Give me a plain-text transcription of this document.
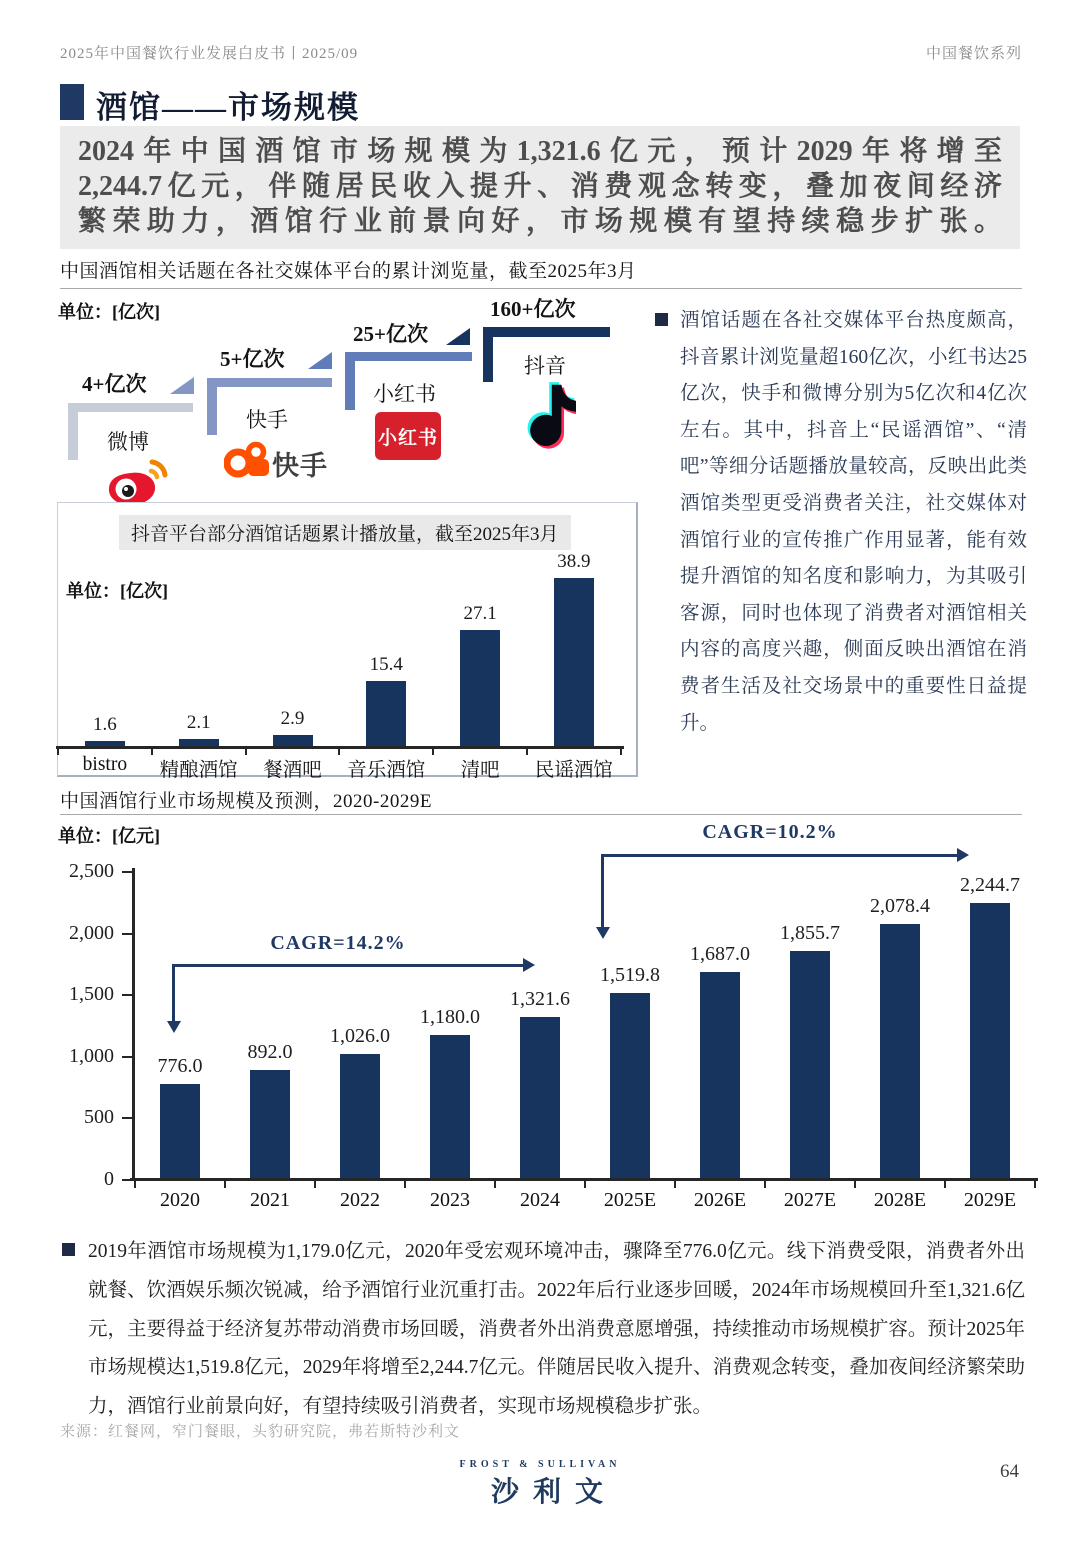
2025年中国餐饮行业发展白皮书丨2025/09	中国餐饮系列
酒馆——市场规模
2024年中国酒馆市场规模为1,321.6亿元，预计2029年将增至
2,244.7亿元，伴随居民收入提升、消费观念转变，叠加夜间经济
繁荣助力，酒馆行业前景向好，市场规模有望持续稳步扩张。
中国酒馆相关话题在各社交媒体平台的累计浏览量，截至2025年3月
单位：[亿次]
4+亿次
微博
5+亿次
快手
快手
25+亿次
小红书
小红书
160+亿次
抖音
酒馆话题在各社交媒体平台热度颇高，抖音累计浏览量超160亿次，小红书达25亿次，快手和微博分别为5亿次和4亿次左右。其中，抖音上“民谣酒馆”、“清吧”等细分话题播放量较高，反映出此类酒馆类型更受消费者关注，社交媒体对酒馆行业的宣传推广作用显著，能有效提升酒馆的知名度和影响力，为其吸引客源，同时也体现了消费者对酒馆相关内容的高度兴趣，侧面反映出酒馆在消费者生活及社交场景中的重要性日益提升。
抖音平台部分酒馆话题累计播放量，截至2025年3月
单位：[亿次]
中国酒馆行业市场规模及预测，2020-2029E
单位：[亿元]
CAGR=14.2%
CAGR=10.2%
1.6
bistro
2.1
精酿酒馆
2.9
餐酒吧
15.4
音乐酒馆
27.1
清吧
38.9
民谣酒馆
776.0
2020
892.0
2021
1,026.0
2022
1,180.0
2023
1,321.6
2024
1,519.8
2025E
1,687.0
2026E
1,855.7
2027E
2,078.4
2028E
2,244.7
2029E
0
500
1,000
1,500
2,000
2,500
2019年酒馆市场规模为1,179.0亿元，2020年受宏观环境冲击，骤降至776.0亿元。线下消费受限，消费者外出就餐、饮酒娱乐频次锐减，给予酒馆行业沉重打击。2022年后行业逐步回暖，2024年市场规模回升至1,321.6亿元，主要得益于经济复苏带动消费市场回暖，消费者外出消费意愿增强，持续推动市场规模扩容。预计2025年市场规模达1,519.8亿元，2029年将增至2,244.7亿元。伴随居民收入提升、消费观念转变，叠加夜间经济繁荣助力，酒馆行业前景向好，有望持续吸引消费者，实现市场规模稳步扩张。
来源：红餐网，窄门餐眼，头豹研究院，弗若斯特沙利文
FROST & SULLIVAN
沙利文
64
